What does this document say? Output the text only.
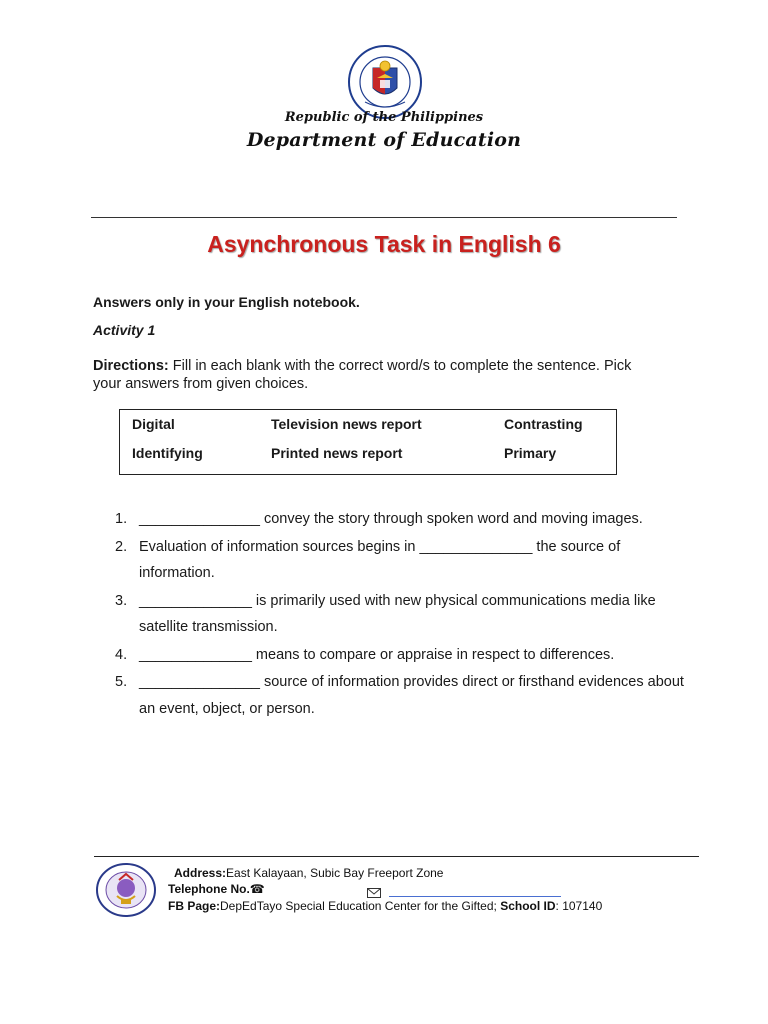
Republic of the Philippines
Department of Education
Asynchronous Task in English 6
Answers only in your English notebook.
Activity 1
Directions: Fill in each blank with the correct word/s to complete the sentence. Pick your answers from given choices.
Digital	Television news report	Contrasting
Identifying	Printed news report	Primary
1. _______________ convey the story through spoken word and moving images.
2. Evaluation of information sources begins in ______________ the source of information.
3. ______________ is primarily used with new physical communications media like satellite transmission.
4. ______________ means to compare or appraise in respect to differences.
5. _______________ source of information provides direct or firsthand evidences about an event, object, or person.
Address:East Kalayaan, Subic Bay Freeport Zone
Telephone No.☎
FB Page:DepEdTayo Special Education Center for the Gifted; School ID: 107140
